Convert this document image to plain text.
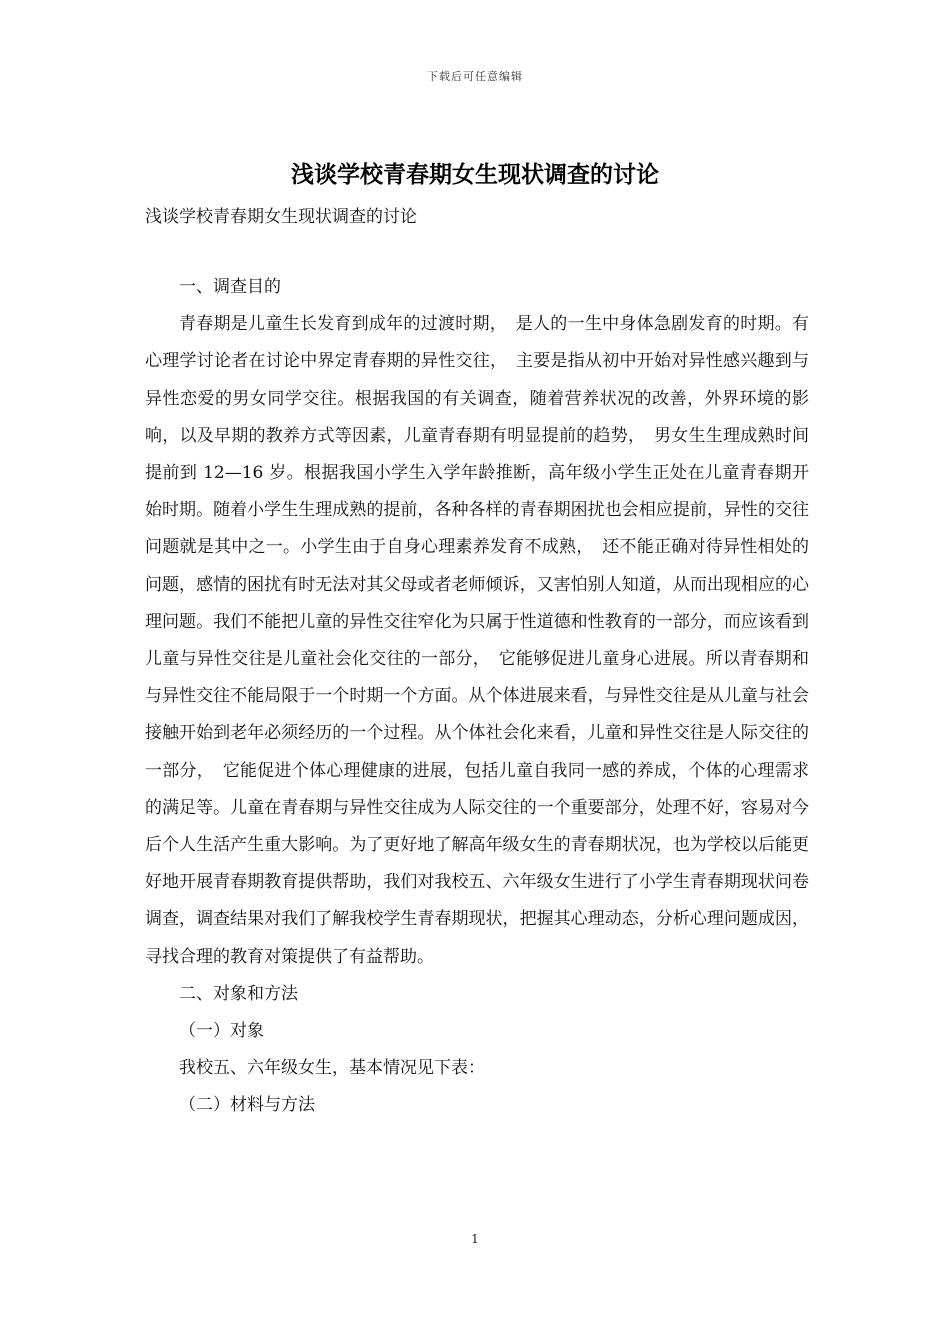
下载后可任意编辑
浅谈学校青春期女生现状调查的讨论
浅谈学校青春期女生现状调查的讨论

一、调查目的

青春期是儿童生长发育到成年的过渡时期，　是人的一生中身体急剧发育的时期。有心理学讨论者在讨论中界定青春期的异性交往，　主要是指从初中开始对异性感兴趣到与异性恋爱的男女同学交往。根据我国的有关调查，随着营养状况的改善，外界环境的影响，以及早期的教养方式等因素，儿童青春期有明显提前的趋势，　男女生生理成熟时间提前到 12—16 岁。根据我国小学生入学年龄推断，高年级小学生正处在儿童青春期开始时期。随着小学生生理成熟的提前，各种各样的青春期困扰也会相应提前，异性的交往问题就是其中之一。小学生由于自身心理素养发育不成熟，　还不能正确对待异性相处的问题，感情的困扰有时无法对其父母或者老师倾诉，又害怕别人知道，从而出现相应的心理问题。我们不能把儿童的异性交往窄化为只属于性道德和性教育的一部分，而应该看到儿童与异性交往是儿童社会化交往的一部分，　它能够促进儿童身心进展。所以青春期和与异性交往不能局限于一个时期一个方面。从个体进展来看，与异性交往是从儿童与社会接触开始到老年必须经历的一个过程。从个体社会化来看，儿童和异性交往是人际交往的一部分，　它能促进个体心理健康的进展，包括儿童自我同一感的养成，个体的心理需求的满足等。儿童在青春期与异性交往成为人际交往的一个重要部分，处理不好，容易对今后个人生活产生重大影响。为了更好地了解高年级女生的青春期状况，也为学校以后能更好地开展青春期教育提供帮助，我们对我校五、六年级女生进行了小学生青春期现状问卷调查，调查结果对我们了解我校学生青春期现状，把握其心理动态，分析心理问题成因，寻找合理的教育对策提供了有益帮助。

二、对象和方法

（一）对象

我校五、六年级女生，基本情况见下表：

（二）材料与方法

1
